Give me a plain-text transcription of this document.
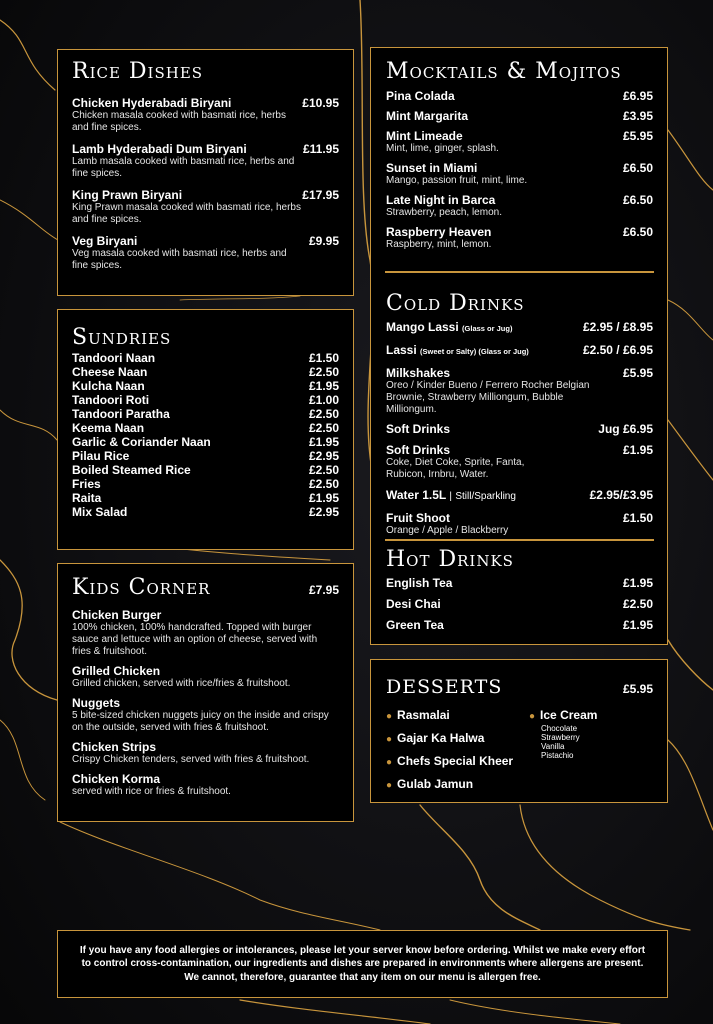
Rice Dishes
Chicken Hyderabadi Biryani	£10.95
Chicken masala cooked with basmati rice, herbs and fine spices.
Lamb Hyderabadi Dum Biryani	£11.95
Lamb masala cooked with basmati rice, herbs and fine spices.
King Prawn Biryani	£17.95
King Prawn masala cooked with basmati rice, herbs and fine spices.
Veg Biryani	£9.95
Veg masala cooked with basmati rice, herbs and fine spices.
Sundries
Tandoori Naan	£1.50
Cheese Naan	£2.50
Kulcha Naan	£1.95
Tandoori Roti	£1.00
Tandoori Paratha	£2.50
Keema Naan	£2.50
Garlic & Coriander Naan	£1.95
Pilau Rice	£2.95
Boiled Steamed Rice	£2.50
Fries	£2.50
Raita	£1.95
Mix Salad	£2.95
Kids Corner	£7.95
Chicken Burger
100% chicken, 100% handcrafted. Topped with burger sauce and lettuce with an option of cheese, served with fries & fruitshoot.
Grilled Chicken
Grilled chicken, served with rice/fries & fruitshoot.
Nuggets
5 bite-sized chicken nuggets juicy on the inside and crispy on the outside, served with fries & fruitshoot.
Chicken Strips
Crispy Chicken tenders, served with fries & fruitshoot.
Chicken Korma
served with rice or fries & fruitshoot.
Mocktails & Mojitos
Pina Colada	£6.95
Mint Margarita	£3.95
Mint Limeade	£5.95
Mint, lime, ginger, splash.
Sunset in Miami	£6.50
Mango, passion fruit, mint, lime.
Late Night in Barca	£6.50
Strawberry, peach, lemon.
Raspberry Heaven	£6.50
Raspberry, mint, lemon.
Cold Drinks
Mango Lassi (Glass or Jug)	£2.95 / £8.95
Lassi (Sweet or Salty) (Glass or Jug)	£2.50 / £6.95
Milkshakes	£5.95
Oreo / Kinder Bueno / Ferrero Rocher Belgian Brownie, Strawberry Milliongum, Bubble Milliongum.
Soft Drinks	Jug £6.95
Soft Drinks	£1.95
Coke, Diet Coke, Sprite, Fanta, Rubicon, Irnbru, Water.
Water 1.5L | Still/Sparkling	£2.95/£3.95
Fruit Shoot	£1.50
Orange / Apple / Blackberry
Hot Drinks
English Tea	£1.95
Desi Chai	£2.50
Green Tea	£1.95
DESSERTS	£5.95
● Rasmalai
● Gajar Ka Halwa
● Chefs Special Kheer
● Gulab Jamun
● Ice Cream
Chocolate
Strawberry
Vanilla
Pistachio
If you have any food allergies or intolerances, please let your server know before ordering. Whilst we make every effort to control cross-contamination, our ingredients and dishes are prepared in environments where allergens are present. We cannot, therefore, guarantee that any item on our menu is allergen free.
